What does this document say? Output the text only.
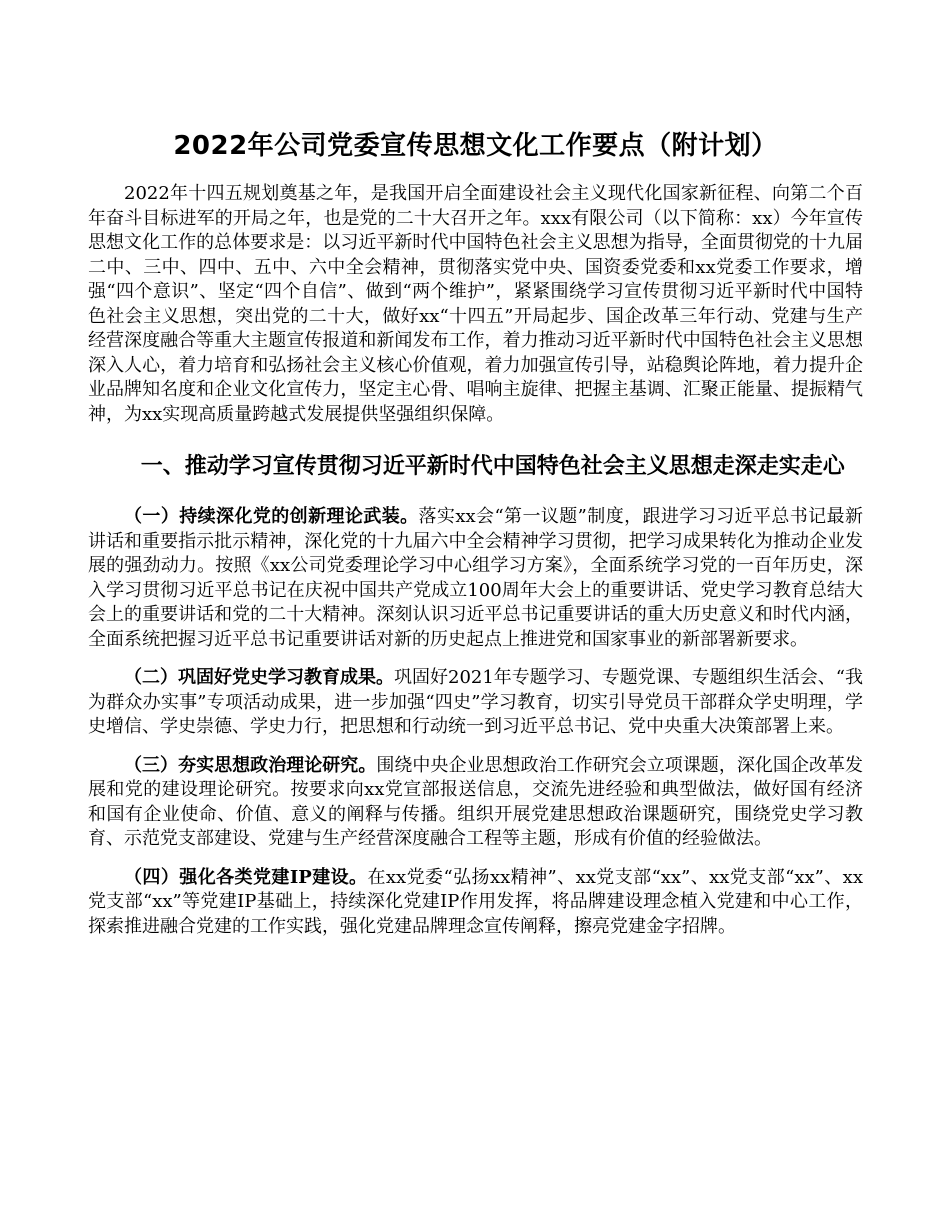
2022年公司党委宣传思想文化工作要点（附计划）

2022年十四五规划奠基之年，是我国开启全面建设社会主义现代化国家新征程、向第二个百年奋斗目标进军的开局之年，也是党的二十大召开之年。xxx有限公司（以下简称：xx）今年宣传思想文化工作的总体要求是：以习近平新时代中国特色社会主义思想为指导，全面贯彻党的十九届二中、三中、四中、五中、六中全会精神，贯彻落实党中央、国资委党委和xx党委工作要求，增强“四个意识”、坚定“四个自信”、做到“两个维护”，紧紧围绕学习宣传贯彻习近平新时代中国特色社会主义思想，突出党的二十大，做好xx“十四五”开局起步、国企改革三年行动、党建与生产经营深度融合等重大主题宣传报道和新闻发布工作，着力推动习近平新时代中国特色社会主义思想深入人心，着力培育和弘扬社会主义核心价值观，着力加强宣传引导，站稳舆论阵地，着力提升企业品牌知名度和企业文化宣传力，坚定主心骨、唱响主旋律、把握主基调、汇聚正能量、提振精气神，为xx实现高质量跨越式发展提供坚强组织保障。

一、推动学习宣传贯彻习近平新时代中国特色社会主义思想走深走实走心

（一）持续深化党的创新理论武装。落实xx会“第一议题”制度，跟进学习习近平总书记最新讲话和重要指示批示精神，深化党的十九届六中全会精神学习贯彻，把学习成果转化为推动企业发展的强劲动力。按照《xx公司党委理论学习中心组学习方案》，全面系统学习党的一百年历史，深入学习贯彻习近平总书记在庆祝中国共产党成立100周年大会上的重要讲话、党史学习教育总结大会上的重要讲话和党的二十大精神。深刻认识习近平总书记重要讲话的重大历史意义和时代内涵，全面系统把握习近平总书记重要讲话对新的历史起点上推进党和国家事业的新部署新要求。

（二）巩固好党史学习教育成果。巩固好2021年专题学习、专题党课、专题组织生活会、“我为群众办实事”专项活动成果，进一步加强“四史”学习教育，切实引导党员干部群众学史明理，学史增信、学史崇德、学史力行，把思想和行动统一到习近平总书记、党中央重大决策部署上来。

（三）夯实思想政治理论研究。围绕中央企业思想政治工作研究会立项课题，深化国企改革发展和党的建设理论研究。按要求向xx党宣部报送信息，交流先进经验和典型做法，做好国有经济和国有企业使命、价值、意义的阐释与传播。组织开展党建思想政治课题研究，围绕党史学习教育、示范党支部建设、党建与生产经营深度融合工程等主题，形成有价值的经验做法。

（四）强化各类党建IP建设。在xx党委“弘扬xx精神”、xx党支部“xx”、xx党支部“xx”、xx党支部“xx”等党建IP基础上，持续深化党建IP作用发挥，将品牌建设理念植入党建和中心工作，探索推进融合党建的工作实践，强化党建品牌理念宣传阐释，擦亮党建金字招牌。
